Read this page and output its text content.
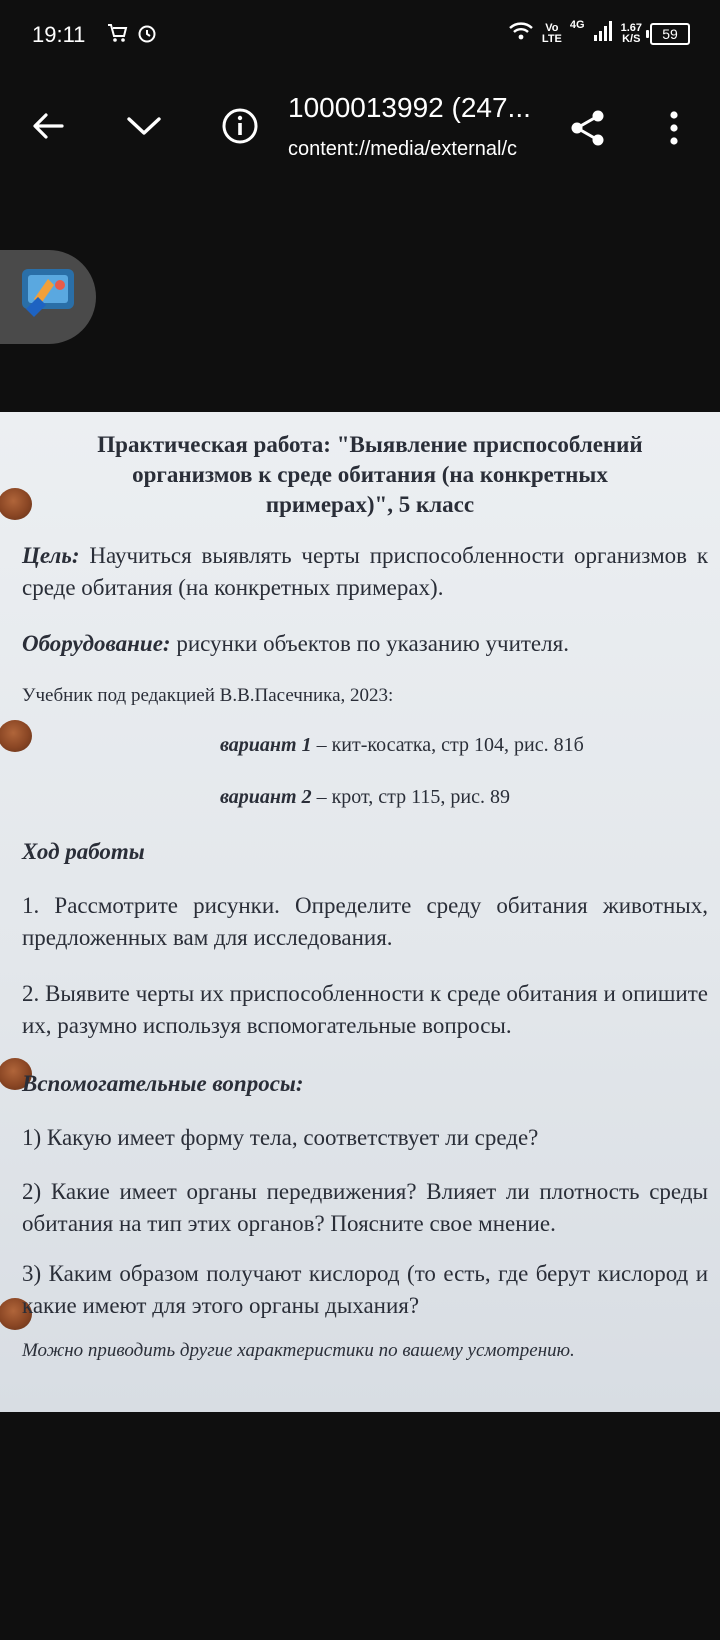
19:11	Vo
LTE
4G	1.67
K/S	59
1000013992 (247...
content://media/external/c
Практическая работа: "Выявление приспособлений
организмов к среде обитания (на конкретных
примерах)", 5 класс
Цель: Научиться выявлять черты приспособленности организмов к среде обитания (на конкретных примерах).
Оборудование: рисунки объектов по указанию учителя.
Учебник под редакцией В.В.Пасечника, 2023:
вариант 1 – кит-косатка, стр 104, рис. 81б
вариант 2 – крот, стр 115, рис. 89
Ход работы
1. Рассмотрите рисунки. Определите среду обитания животных, предложенных вам для исследования.
2. Выявите черты их приспособленности к среде обитания и опишите их, разумно используя вспомогательные вопросы.
Вспомогательные вопросы:
1) Какую имеет форму тела, соответствует ли среде?
2) Какие имеет органы передвижения? Влияет ли плотность среды обитания на тип этих органов? Поясните свое мнение.
3) Каким образом получают кислород (то есть, где берут кислород и какие имеют для этого органы дыхания?
Можно приводить другие характеристики по вашему усмотрению.
